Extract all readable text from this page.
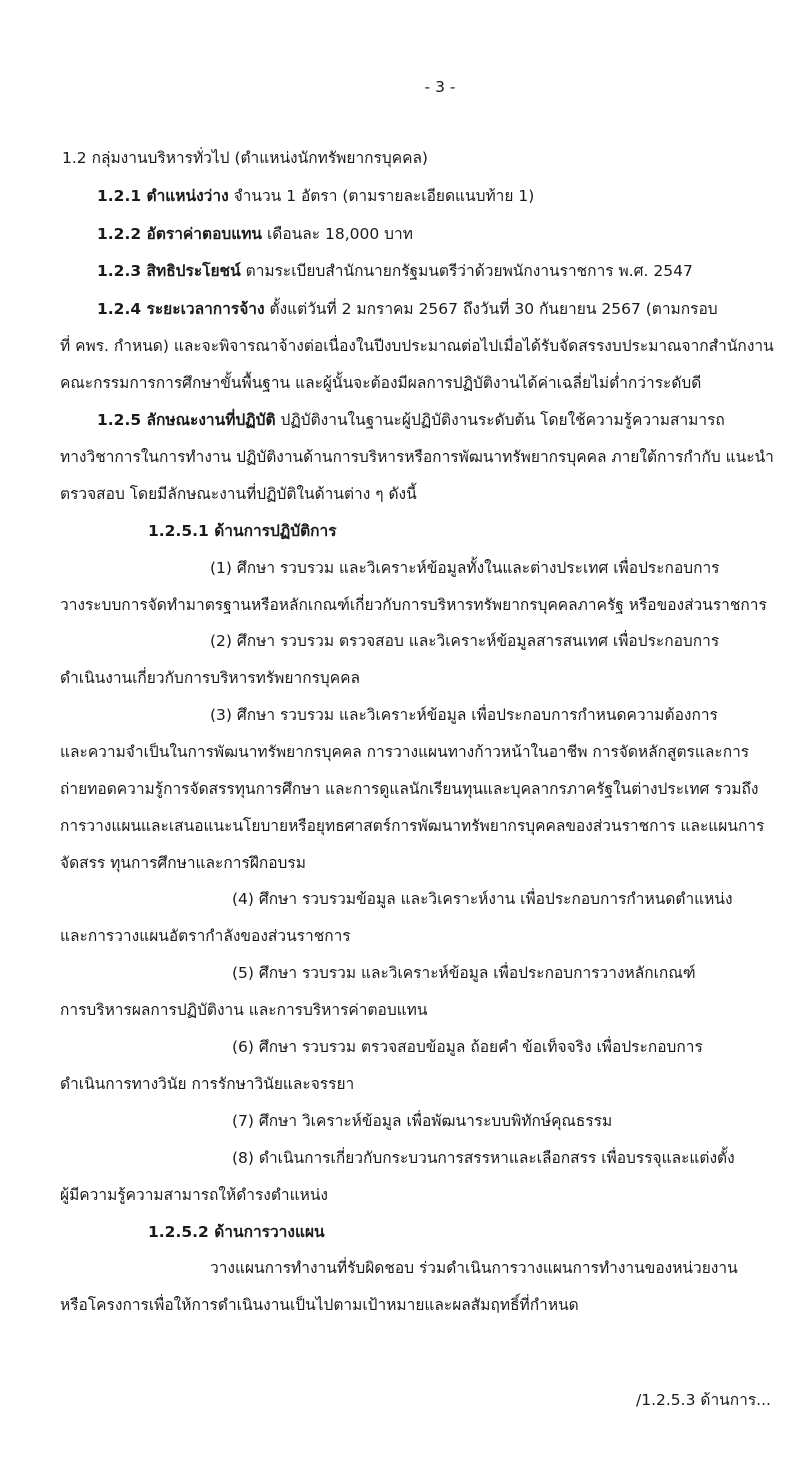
- 3 -
1.2 กลุ่มงานบริหารทั่วไป (ตำแหน่งนักทรัพยากรบุคคล)
1.2.1 ตำแหน่งว่าง จำนวน 1 อัตรา (ตามรายละเอียดแนบท้าย 1)
1.2.2 อัตราค่าตอบแทน เดือนละ 18,000 บาท
1.2.3 สิทธิประโยชน์ ตามระเบียบสำนักนายกรัฐมนตรีว่าด้วยพนักงานราชการ พ.ศ. 2547
1.2.4 ระยะเวลาการจ้าง ตั้งแต่วันที่ 2 มกราคม 2567 ถึงวันที่ 30 กันยายน 2567 (ตามกรอบ
ที่ คพร. กำหนด) และจะพิจารณาจ้างต่อเนื่องในปีงบประมาณต่อไปเมื่อได้รับจัดสรรงบประมาณจากสำนักงาน
คณะกรรมการการศึกษาขั้นพื้นฐาน และผู้นั้นจะต้องมีผลการปฏิบัติงานได้ค่าเฉลี่ยไม่ต่ำกว่าระดับดี
1.2.5 ลักษณะงานที่ปฏิบัติ ปฏิบัติงานในฐานะผู้ปฏิบัติงานระดับต้น โดยใช้ความรู้ความสามารถ
ทางวิชาการในการทำงาน ปฏิบัติงานด้านการบริหารหรือการพัฒนาทรัพยากรบุคคล ภายใต้การกำกับ แนะนำ
ตรวจสอบ โดยมีลักษณะงานที่ปฏิบัติในด้านต่าง ๆ ดังนี้
1.2.5.1 ด้านการปฏิบัติการ
(1) ศึกษา รวบรวม และวิเคราะห์ข้อมูลทั้งในและต่างประเทศ เพื่อประกอบการ
วางระบบการจัดทำมาตรฐานหรือหลักเกณฑ์เกี่ยวกับการบริหารทรัพยากรบุคคลภาครัฐ หรือของส่วนราชการ
(2) ศึกษา รวบรวม ตรวจสอบ และวิเคราะห์ข้อมูลสารสนเทศ เพื่อประกอบการ
ดำเนินงานเกี่ยวกับการบริหารทรัพยากรบุคคล
(3) ศึกษา รวบรวม และวิเคราะห์ข้อมูล เพื่อประกอบการกำหนดความต้องการ
และความจำเป็นในการพัฒนาทรัพยากรบุคคล การวางแผนทางก้าวหน้าในอาชีพ การจัดหลักสูตรและการ
ถ่ายทอดความรู้การจัดสรรทุนการศึกษา และการดูแลนักเรียนทุนและบุคลากรภาครัฐในต่างประเทศ รวมถึง
การวางแผนและเสนอแนะนโยบายหรือยุทธศาสตร์การพัฒนาทรัพยากรบุคคลของส่วนราชการ และแผนการ
จัดสรร ทุนการศึกษาและการฝึกอบรม
(4) ศึกษา รวบรวมข้อมูล และวิเคราะห์งาน เพื่อประกอบการกำหนดตำแหน่ง
และการวางแผนอัตรากำลังของส่วนราชการ
(5) ศึกษา รวบรวม และวิเคราะห์ข้อมูล เพื่อประกอบการวางหลักเกณฑ์
การบริหารผลการปฏิบัติงาน และการบริหารค่าตอบแทน
(6) ศึกษา รวบรวม ตรวจสอบข้อมูล ถ้อยคำ ข้อเท็จจริง เพื่อประกอบการ
ดำเนินการทางวินัย การรักษาวินัยและจรรยา
(7) ศึกษา วิเคราะห์ข้อมูล เพื่อพัฒนาระบบพิทักษ์คุณธรรม
(8) ดำเนินการเกี่ยวกับกระบวนการสรรหาและเลือกสรร เพื่อบรรจุและแต่งตั้ง
ผู้มีความรู้ความสามารถให้ดำรงตำแหน่ง
1.2.5.2 ด้านการวางแผน
วางแผนการทำงานที่รับผิดชอบ ร่วมดำเนินการวางแผนการทำงานของหน่วยงาน
หรือโครงการเพื่อให้การดำเนินงานเป็นไปตามเป้าหมายและผลสัมฤทธิ์ที่กำหนด
/1.2.5.3 ด้านการ...
